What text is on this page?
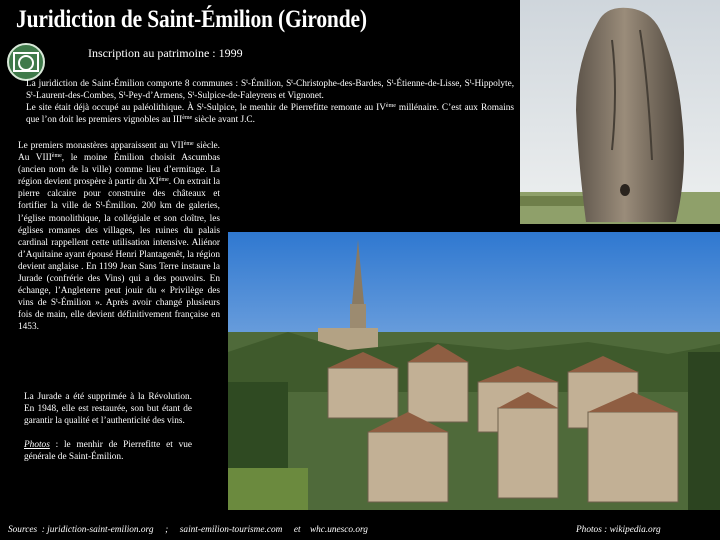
Juridiction de Saint-Émilion (Gironde)
Inscription au patrimoine : 1999

La juridiction de Saint-Émilion comporte 8 communes : $S^t$-Émilion, $S^t-Christophe-des$-Bardes, $S^t-Étienne-de$-Lisse, $S^t$-Hippolyte, $S^t-Laurent-des$-Combes, $S^t-Pey-d’Armens$, $S^t-Sulpice-de$-Faleyrens et Vignonet.

Le site était déjà occupé au paléolithique. À $S^t$-Sulpice, le menhir de Pierrefitte remonte au IVème millénaire. C’est aux Romains que l’on doit les premiers vignobles au IIIème siècle avant J.C.

Le premiers monastères apparaissent au VIIème siècle. Au VIIIème, le moine Émilion choisit Ascumbas (ancien nom de la ville) comme lieu d’ermitage. La région devient prospère à partir du XIème. On extrait la pierre calcaire pour construire des châteaux et fortifier la ville de $S^t$-Émilion. 200 km de galeries, l’église monolithique, la collégiale et son cloître, les églises romanes des villages, les ruines du palais cardinal rappellent cette utilisation intensive. Aliénor d’Aquitaine ayant épousé Henri Plantagenêt, la région devient anglaise . En 1199 Jean Sans Terre instaure la Jurade (confrérie des Vins) qui a des pouvoirs. En échange, l’Angleterre peut jouir du « Privilège des vins de $S^t$-Émilion ». Après avoir changé plusieurs fois de main, elle devient définitivement française en 1453.

La Jurade a été supprimée à la Révolution. En 1948, elle est restaurée, son but étant de garantir la qualité et l’authenticité des vins.

Photos : le menhir de Pierrefitte et vue générale de Saint-Émilion.

Sources  : juridiction-saint-emilion.org     ;     saint-emilion-tourisme.com     et    whc.unesco.org	Photos : wikipedia.org
